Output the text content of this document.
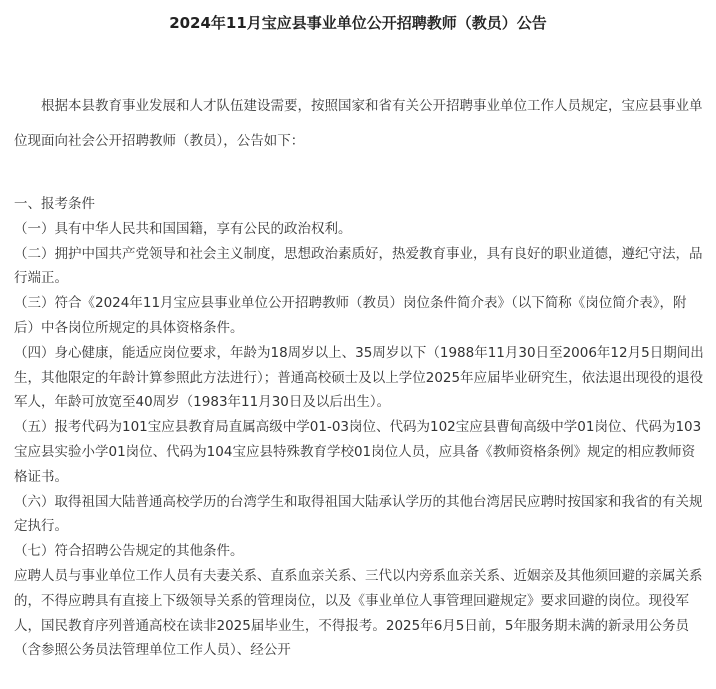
2024年11月宝应县事业单位公开招聘教师（教员）公告

根据本县教育事业发展和人才队伍建设需要，按照国家和省有关公开招聘事业单位工作人员规定，宝应县事业单位现面向社会公开招聘教师（教员），公告如下：

一、报考条件

（一）具有中华人民共和国国籍，享有公民的政治权利。

（二）拥护中国共产党领导和社会主义制度，思想政治素质好，热爱教育事业，具有良好的职业道德，遵纪守法，品行端正。

（三）符合《2024年11月宝应县事业单位公开招聘教师（教员）岗位条件简介表》（以下简称《岗位简介表》，附后）中各岗位所规定的具体资格条件。

（四）身心健康，能适应岗位要求，年龄为18周岁以上、35周岁以下（1988年11月30日至2006年12月5日期间出生，其他限定的年龄计算参照此方法进行）；普通高校硕士及以上学位2025年应届毕业研究生，依法退出现役的退役军人，年龄可放宽至40周岁（1983年11月30日及以后出生）。

（五）报考代码为101宝应县教育局直属高级中学01-03岗位、代码为102宝应县曹甸高级中学01岗位、代码为103宝应县实验小学01岗位、代码为104宝应县特殊教育学校01岗位人员，应具备《教师资格条例》规定的相应教师资格证书。

（六）取得祖国大陆普通高校学历的台湾学生和取得祖国大陆承认学历的其他台湾居民应聘时按国家和我省的有关规定执行。

（七）符合招聘公告规定的其他条件。

应聘人员与事业单位工作人员有夫妻关系、直系血亲关系、三代以内旁系血亲关系、近姻亲及其他须回避的亲属关系的，不得应聘具有直接上下级领导关系的管理岗位，以及《事业单位人事管理回避规定》要求回避的岗位。现役军人，国民教育序列普通高校在读非2025届毕业生，不得报考。2025年6月5日前，5年服务期未满的新录用公务员（含参照公务员法管理单位工作人员）、经公开
